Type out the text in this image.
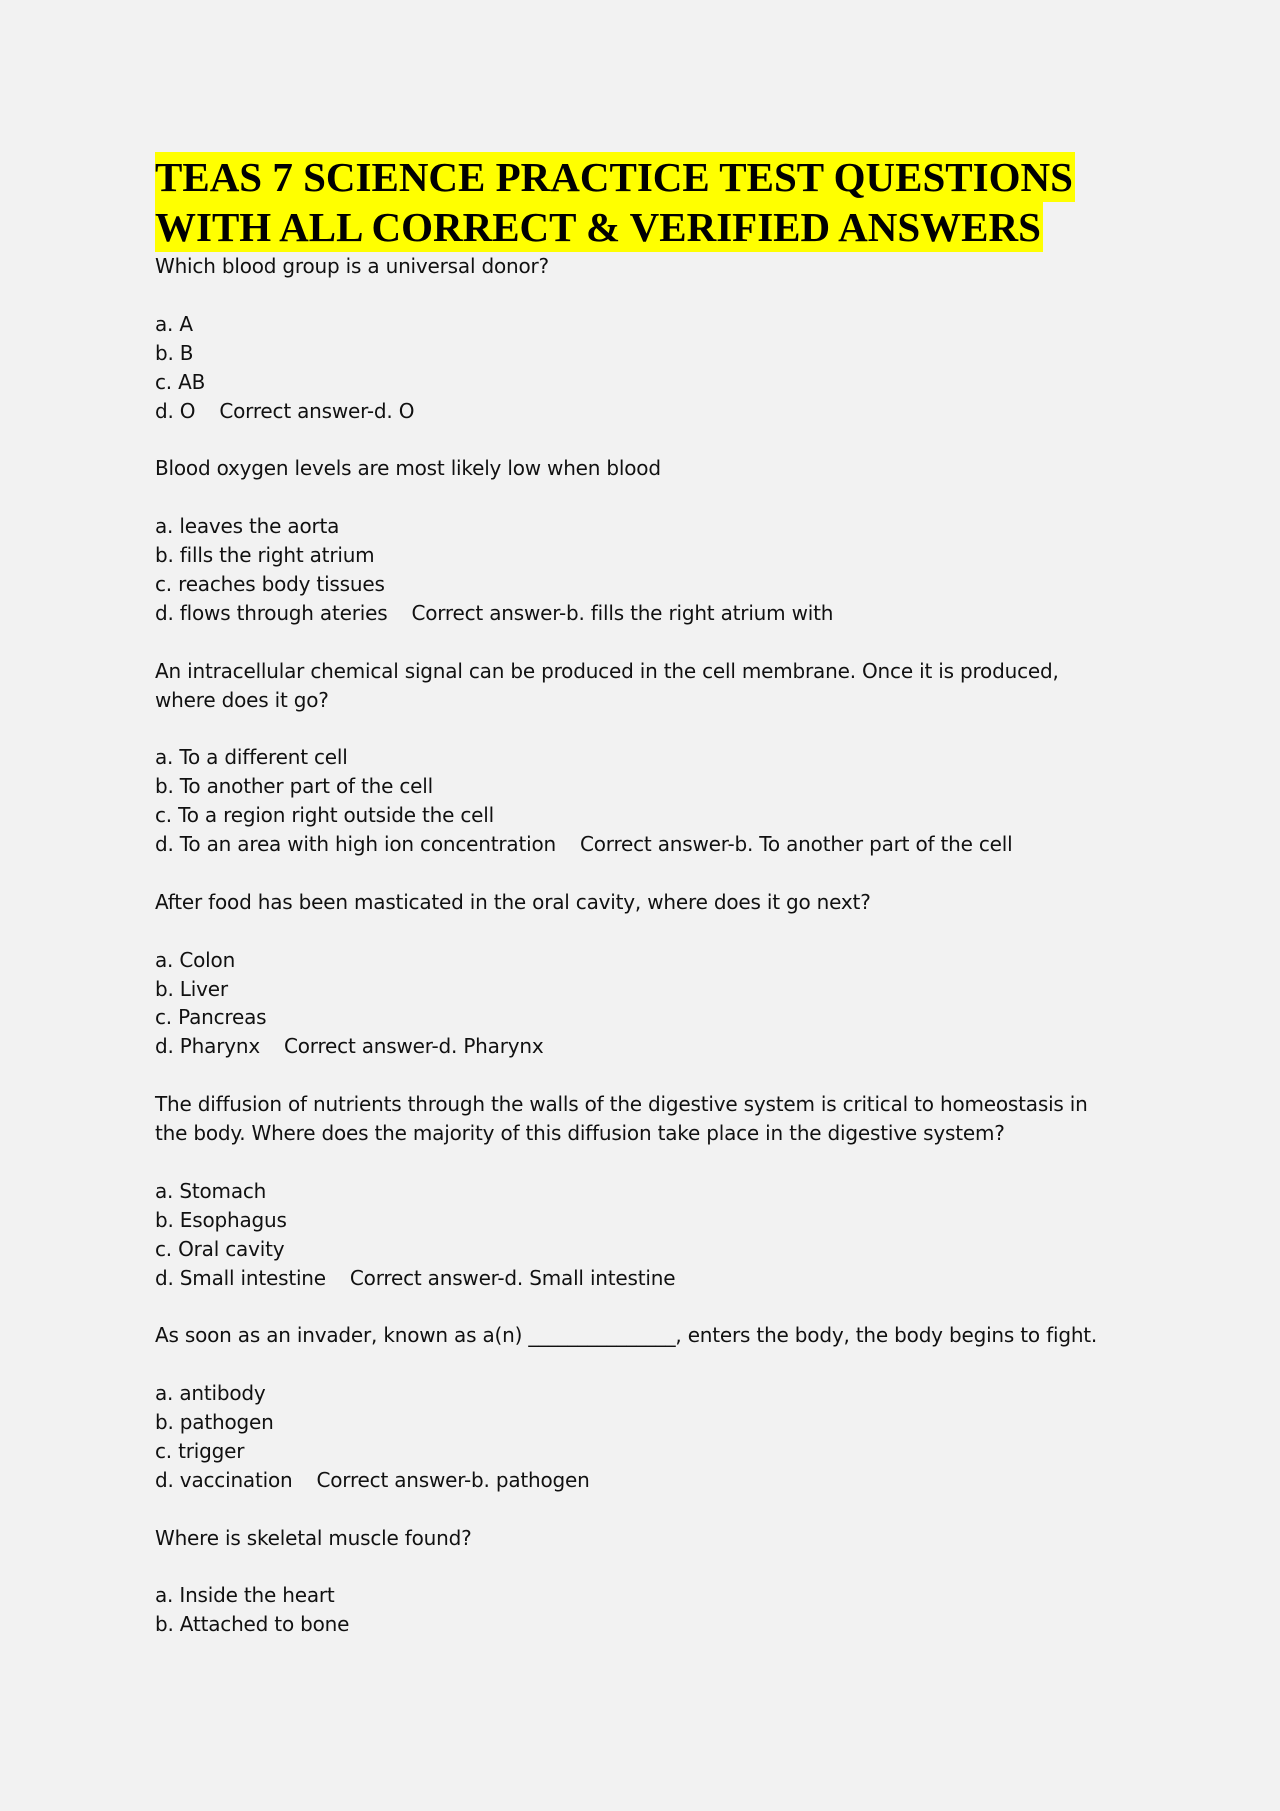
TEAS 7 SCIENCE PRACTICE TEST QUESTIONS
WITH ALL CORRECT & VERIFIED ANSWERS

Which blood group is a universal donor?

a. A

b. B

c. AB

d. O Correct answer-d. O

Blood oxygen levels are most likely low when blood

a. leaves the aorta

b. fills the right atrium

c. reaches body tissues

d. flows through ateries Correct answer-b. fills the right atrium with

An intracellular chemical signal can be produced in the cell membrane. Once it is produced, where does it go?

a. To a different cell

b. To another part of the cell

c. To a region right outside the cell

d. To an area with high ion concentration Correct answer-b. To another part of the cell

After food has been masticated in the oral cavity, where does it go next?

a. Colon

b. Liver

c. Pancreas

d. Pharynx Correct answer-d. Pharynx

The diffusion of nutrients through the walls of the digestive system is critical to homeostasis in the body. Where does the majority of this diffusion take place in the digestive system?

a. Stomach

b. Esophagus

c. Oral cavity

d. Small intestine Correct answer-d. Small intestine

As soon as an invader, known as a(n) _______________, enters the body, the body begins to fight.

a. antibody

b. pathogen

c. trigger

d. vaccination Correct answer-b. pathogen

Where is skeletal muscle found?

a. Inside the heart

b. Attached to bone
